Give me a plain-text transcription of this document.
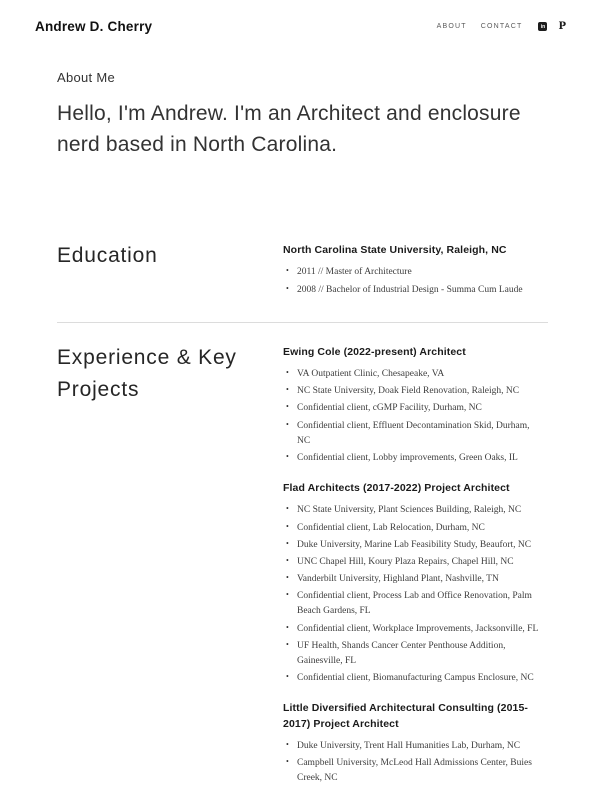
Andrew D. Cherry	ABOUT CONTACT	in P
About Me

Hello, I'm Andrew. I'm an Architect and enclosure nerd based in North Carolina.

Education	North Carolina State University, Raleigh, NC
• 2011 // Master of Architecture
• 2008 // Bachelor of Industrial Design - Summa Cum Laude
Experience & Key Projects
Ewing Cole (2022-present) Architect
• VA Outpatient Clinic, Chesapeake, VA
• NC State University, Doak Field Renovation, Raleigh, NC
• Confidential client, cGMP Facility, Durham, NC
• Confidential client, Effluent Decontamination Skid, Durham, NC
• Confidential client, Lobby improvements, Green Oaks, IL
Flad Architects (2017-2022) Project Architect
• NC State University, Plant Sciences Building, Raleigh, NC
• Confidential client, Lab Relocation, Durham, NC
• Duke University, Marine Lab Feasibility Study, Beaufort, NC
• UNC Chapel Hill, Koury Plaza Repairs, Chapel Hill, NC
• Vanderbilt University, Highland Plant, Nashville, TN
• Confidential client, Process Lab and Office Renovation, Palm Beach Gardens, FL
• Confidential client, Workplace Improvements, Jacksonville, FL
• UF Health, Shands Cancer Center Penthouse Addition, Gainesville, FL
• Confidential client, Biomanufacturing Campus Enclosure, NC
Little Diversified Architectural Consulting (2015-2017) Project Architect
• Duke University, Trent Hall Humanities Lab, Durham, NC
• Campbell University, McLeod Hall Admissions Center, Buies Creek, NC
